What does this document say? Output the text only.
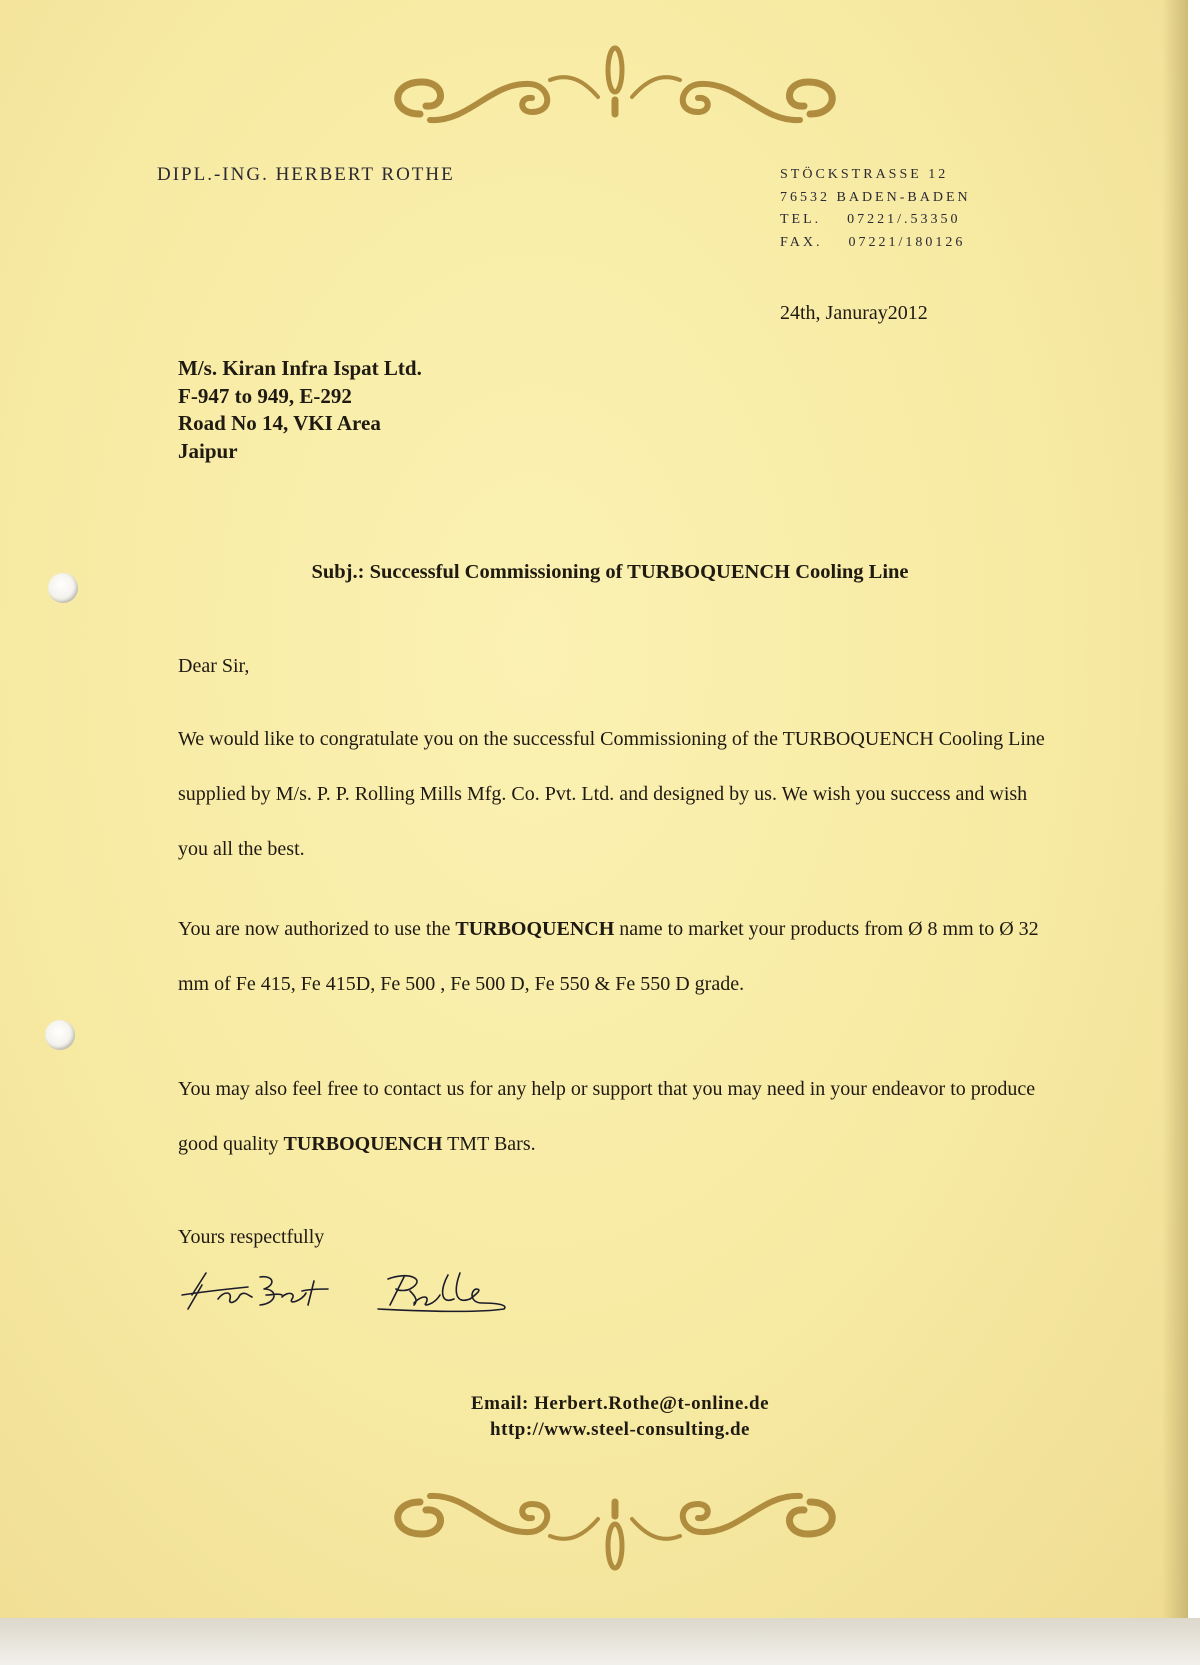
DIPL.-ING. HERBERT ROTHE	STÖCKSTRASSE 12
76532 BADEN-BADEN
TEL.    07221/.53350
FAX.    07221/180126
24th, Januray2012
M/s. Kiran Infra Ispat Ltd.
F-947 to 949, E-292
Road No 14, VKI Area
Jaipur
Subj.: Successful Commissioning of TURBOQUENCH Cooling Line
Dear Sir,

We would like to congratulate you on the successful Commissioning of the TURBOQUENCH Cooling Line supplied by M/s. P. P. Rolling Mills Mfg. Co. Pvt. Ltd. and designed by us. We wish you success and wish you all the best.

You are now authorized to use the TURBOQUENCH name to market your products from Ø 8 mm to Ø 32 mm of Fe 415, Fe 415D, Fe 500 , Fe 500 D, Fe 550 & Fe 550 D grade.

You may also feel free to contact us for any help or support that you may need in your endeavor to produce good quality TURBOQUENCH TMT Bars.

Yours respectfully
Email: Herbert.Rothe@t-online.de
http://www.steel-consulting.de
